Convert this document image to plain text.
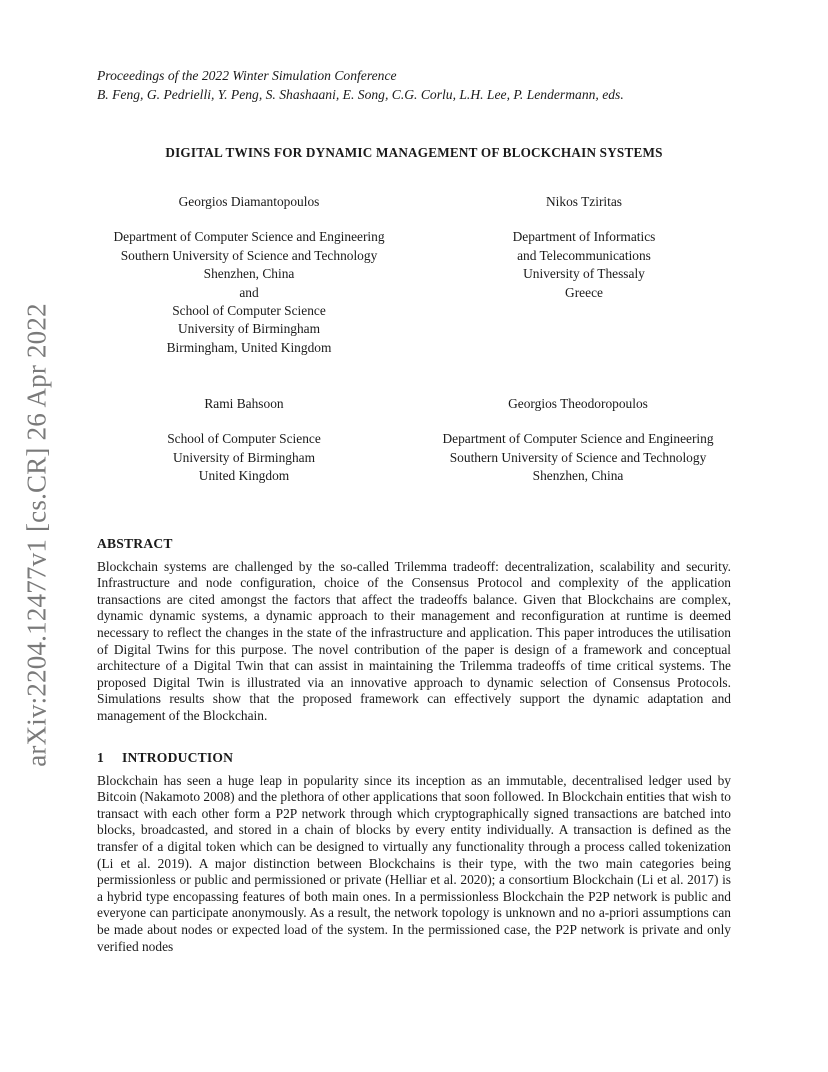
arXiv:2204.12477v1 [cs.CR] 26 Apr 2022
Proceedings of the 2022 Winter Simulation Conference
B. Feng, G. Pedrielli, Y. Peng, S. Shashaani, E. Song, C.G. Corlu, L.H. Lee, P. Lendermann, eds.
DIGITAL TWINS FOR DYNAMIC MANAGEMENT OF BLOCKCHAIN SYSTEMS
Georgios Diamantopoulos
Department of Computer Science and Engineering
Southern University of Science and Technology
Shenzhen, China
and
School of Computer Science
University of Birmingham
Birmingham, United Kingdom
Nikos Tziritas
Department of Informatics
and Telecommunications
University of Thessaly
Greece
Rami Bahsoon
School of Computer Science
University of Birmingham
United Kingdom
Georgios Theodoropoulos
Department of Computer Science and Engineering
Southern University of Science and Technology
Shenzhen, China
ABSTRACT

Blockchain systems are challenged by the so-called Trilemma tradeoff: decentralization, scalability and security. Infrastructure and node configuration, choice of the Consensus Protocol and complexity of the application transactions are cited amongst the factors that affect the tradeoffs balance. Given that Blockchains are complex, dynamic dynamic systems, a dynamic approach to their management and reconfiguration at runtime is deemed necessary to reflect the changes in the state of the infrastructure and application. This paper introduces the utilisation of Digital Twins for this purpose. The novel contribution of the paper is design of a framework and conceptual architecture of a Digital Twin that can assist in maintaining the Trilemma tradeoffs of time critical systems. The proposed Digital Twin is illustrated via an innovative approach to dynamic selection of Consensus Protocols. Simulations results show that the proposed framework can effectively support the dynamic adaptation and management of the Blockchain.

1 INTRODUCTION

Blockchain has seen a huge leap in popularity since its inception as an immutable, decentralised ledger used by Bitcoin (Nakamoto 2008) and the plethora of other applications that soon followed. In Blockchain entities that wish to transact with each other form a P2P network through which cryptographically signed transactions are batched into blocks, broadcasted, and stored in a chain of blocks by every entity individually. A transaction is defined as the transfer of a digital token which can be designed to virtually any functionality through a process called tokenization (Li et al. 2019). A major distinction between Blockchains is their type, with the two main categories being permissionless or public and permissioned or private (Helliar et al. 2020); a consortium Blockchain (Li et al. 2017) is a hybrid type encopassing features of both main ones. In a permissionless Blockchain the P2P network is public and everyone can participate anonymously. As a result, the network topology is unknown and no a-priori assumptions can be made about nodes or expected load of the system. In the permissioned case, the P2P network is private and only verified nodes
